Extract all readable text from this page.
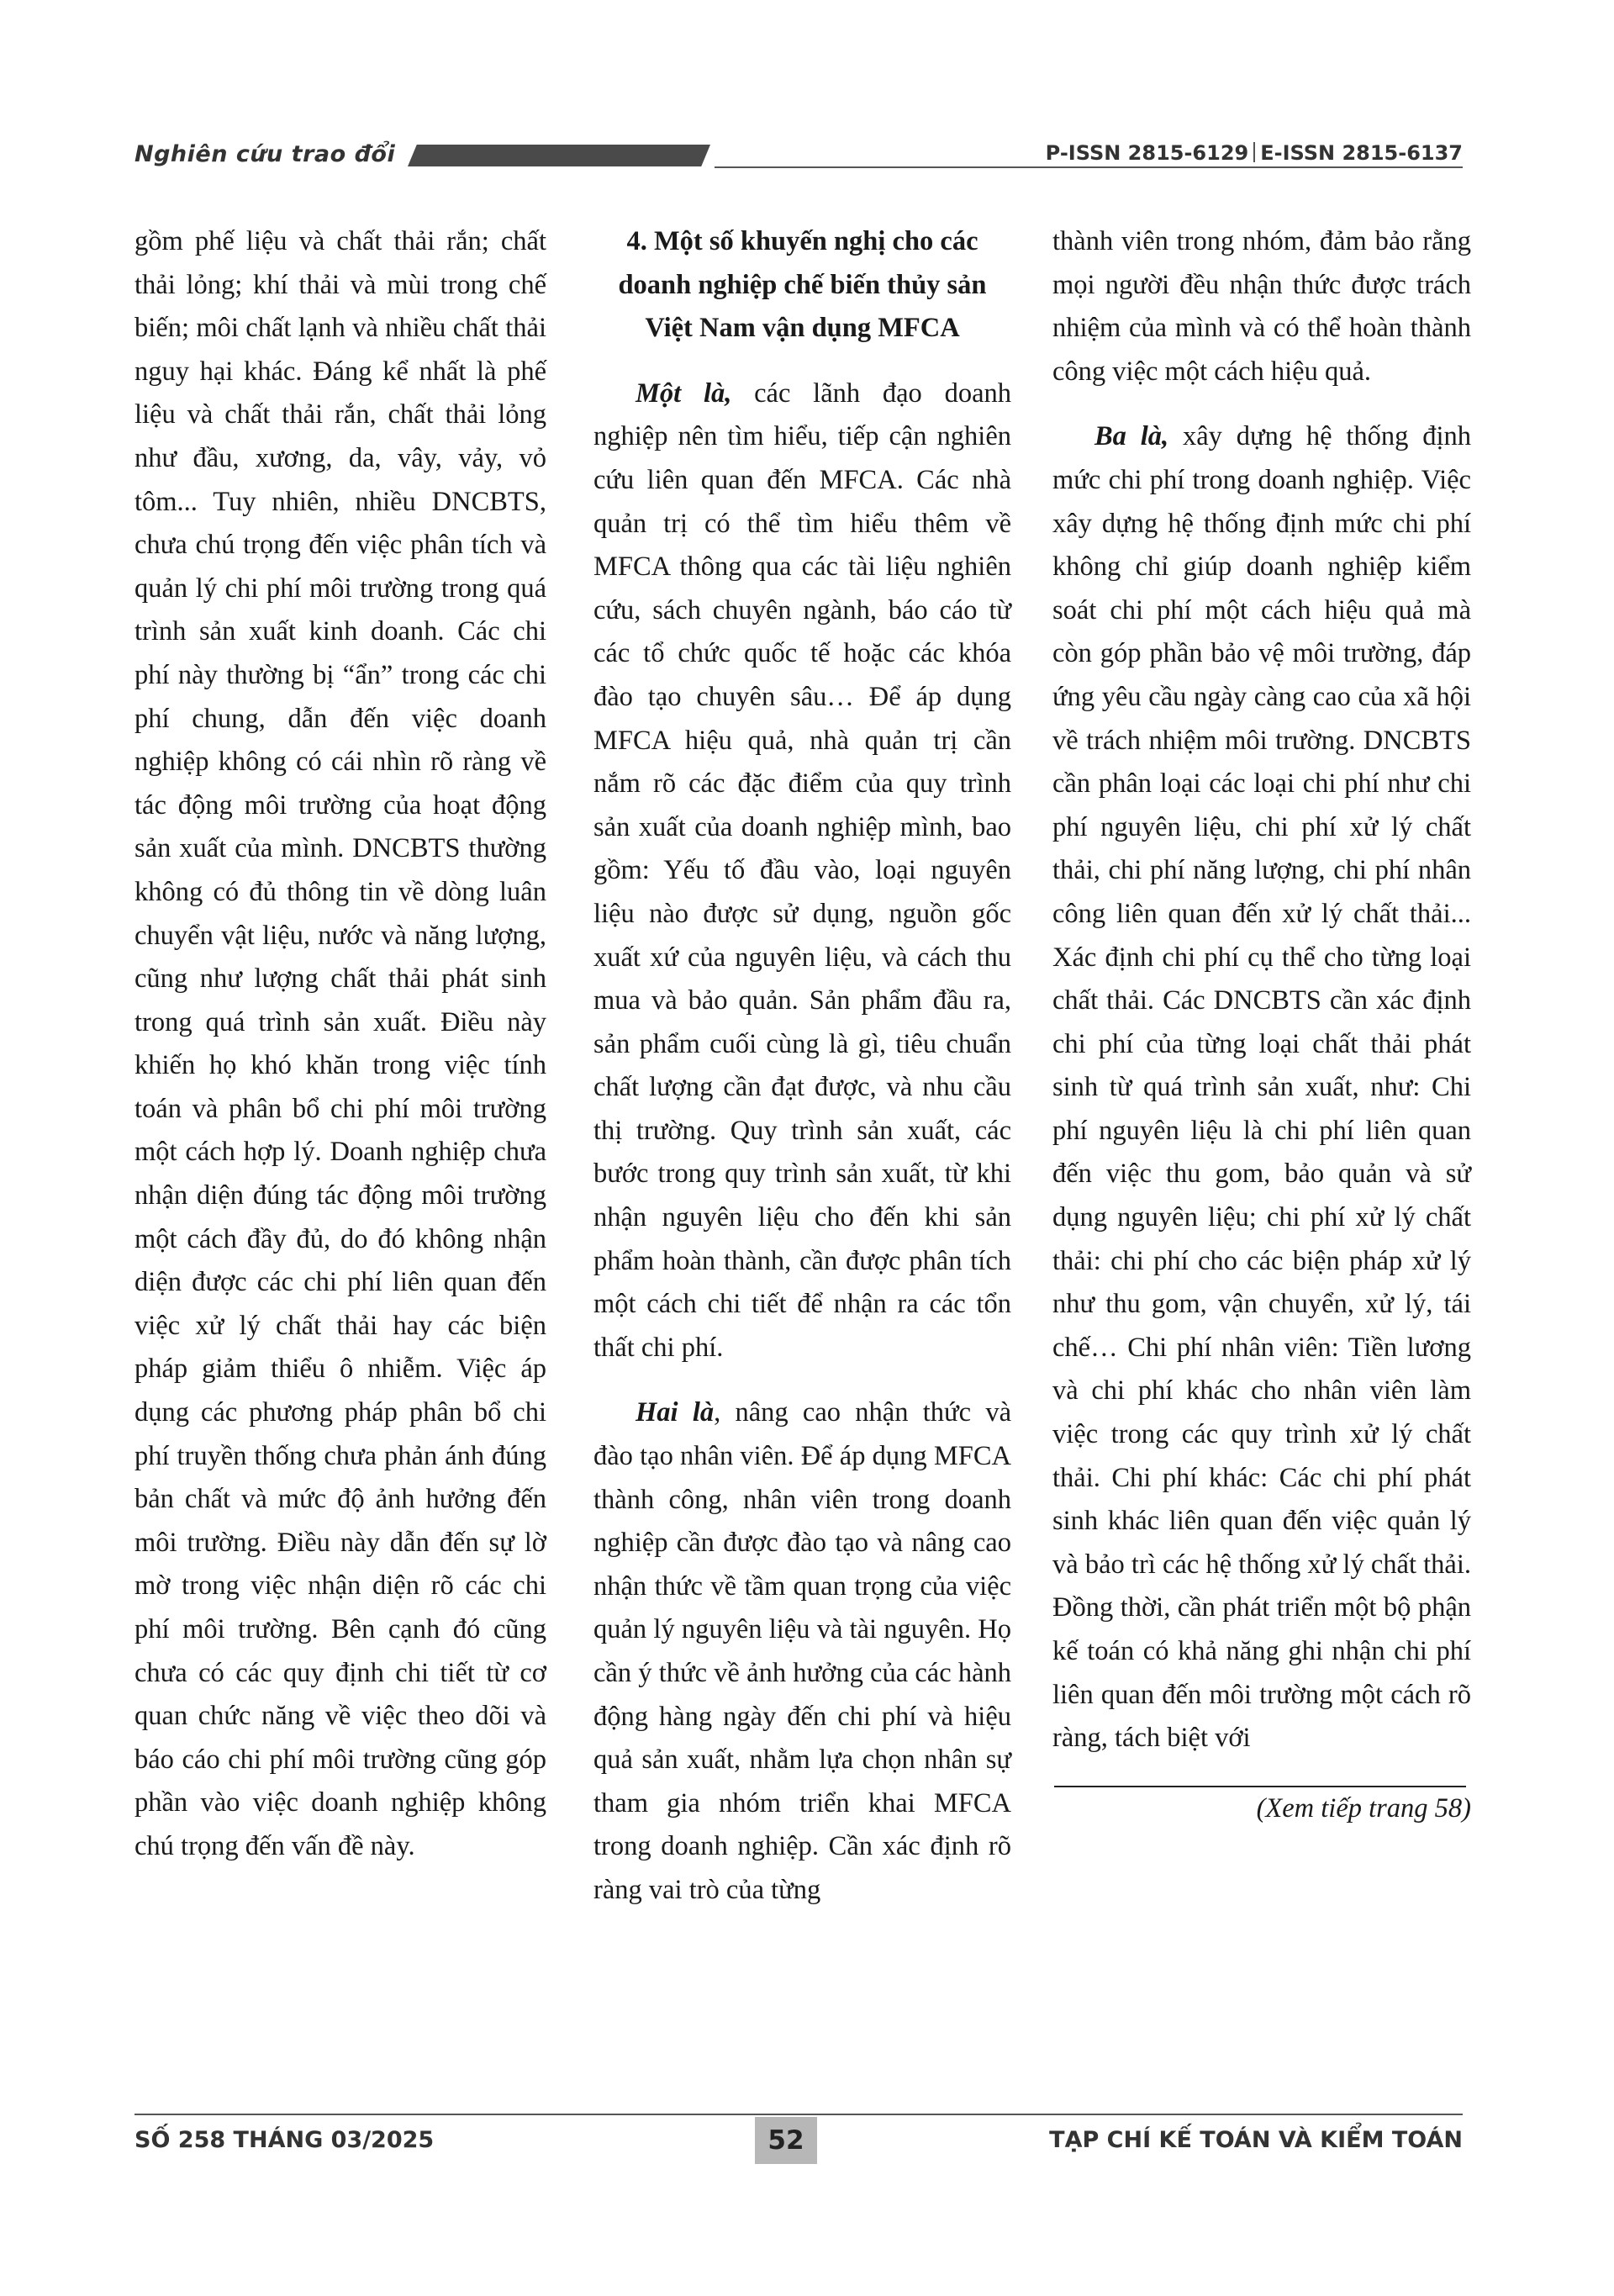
Nghiên cứu trao đổi	P-ISSN 2815-6129 E-ISSN 2815-6137

gồm phế liệu và chất thải rắn; chất thải lỏng; khí thải và mùi trong chế biến; môi chất lạnh và nhiều chất thải nguy hại khác. Đáng kể nhất là phế liệu và chất thải rắn, chất thải lỏng như đầu, xương, da, vây, vảy, vỏ tôm... Tuy nhiên, nhiều DNCBTS, chưa chú trọng đến việc phân tích và quản lý chi phí môi trường trong quá trình sản xuất kinh doanh. Các chi phí này thường bị “ẩn” trong các chi phí chung, dẫn đến việc doanh nghiệp không có cái nhìn rõ ràng về tác động môi trường của hoạt động sản xuất của mình. DNCBTS thường không có đủ thông tin về dòng luân chuyển vật liệu, nước và năng lượng, cũng như lượng chất thải phát sinh trong quá trình sản xuất. Điều này khiến họ khó khăn trong việc tính toán và phân bổ chi phí môi trường một cách hợp lý. Doanh nghiệp chưa nhận diện đúng tác động môi trường một cách đầy đủ, do đó không nhận diện được các chi phí liên quan đến việc xử lý chất thải hay các biện pháp giảm thiểu ô nhiễm. Việc áp dụng các phương pháp phân bổ chi phí truyền thống chưa phản ánh đúng bản chất và mức độ ảnh hưởng đến môi trường. Điều này dẫn đến sự lờ mờ trong việc nhận diện rõ các chi phí môi trường. Bên cạnh đó cũng chưa có các quy định chi tiết từ cơ quan chức năng về việc theo dõi và báo cáo chi phí môi trường cũng góp phần vào việc doanh nghiệp không chú trọng đến vấn đề này.

4. Một số khuyến nghị cho các doanh nghiệp chế biến thủy sản Việt Nam vận dụng MFCA

Một là, các lãnh đạo doanh nghiệp nên tìm hiểu, tiếp cận nghiên cứu liên quan đến MFCA. Các nhà quản trị có thể tìm hiểu thêm về MFCA thông qua các tài liệu nghiên cứu, sách chuyên ngành, báo cáo từ các tổ chức quốc tế hoặc các khóa đào tạo chuyên sâu… Để áp dụng MFCA hiệu quả, nhà quản trị cần nắm rõ các đặc điểm của quy trình sản xuất của doanh nghiệp mình, bao gồm: Yếu tố đầu vào, loại nguyên liệu nào được sử dụng, nguồn gốc xuất xứ của nguyên liệu, và cách thu mua và bảo quản. Sản phẩm đầu ra, sản phẩm cuối cùng là gì, tiêu chuẩn chất lượng cần đạt được, và nhu cầu thị trường. Quy trình sản xuất, các bước trong quy trình sản xuất, từ khi nhận nguyên liệu cho đến khi sản phẩm hoàn thành, cần được phân tích một cách chi tiết để nhận ra các tổn thất chi phí.

Hai là, nâng cao nhận thức và đào tạo nhân viên. Để áp dụng MFCA thành công, nhân viên trong doanh nghiệp cần được đào tạo và nâng cao nhận thức về tầm quan trọng của việc quản lý nguyên liệu và tài nguyên. Họ cần ý thức về ảnh hưởng của các hành động hàng ngày đến chi phí và hiệu quả sản xuất, nhằm lựa chọn nhân sự tham gia nhóm triển khai MFCA trong doanh nghiệp. Cần xác định rõ ràng vai trò của từng

thành viên trong nhóm, đảm bảo rằng mọi người đều nhận thức được trách nhiệm của mình và có thể hoàn thành công việc một cách hiệu quả.

Ba là, xây dựng hệ thống định mức chi phí trong doanh nghiệp. Việc xây dựng hệ thống định mức chi phí không chỉ giúp doanh nghiệp kiểm soát chi phí một cách hiệu quả mà còn góp phần bảo vệ môi trường, đáp ứng yêu cầu ngày càng cao của xã hội về trách nhiệm môi trường. DNCBTS cần phân loại các loại chi phí như chi phí nguyên liệu, chi phí xử lý chất thải, chi phí năng lượng, chi phí nhân công liên quan đến xử lý chất thải... Xác định chi phí cụ thể cho từng loại chất thải. Các DNCBTS cần xác định chi phí của từng loại chất thải phát sinh từ quá trình sản xuất, như: Chi phí nguyên liệu là chi phí liên quan đến việc thu gom, bảo quản và sử dụng nguyên liệu; chi phí xử lý chất thải: chi phí cho các biện pháp xử lý như thu gom, vận chuyển, xử lý, tái chế… Chi phí nhân viên: Tiền lương và chi phí khác cho nhân viên làm việc trong các quy trình xử lý chất thải. Chi phí khác: Các chi phí phát sinh khác liên quan đến việc quản lý và bảo trì các hệ thống xử lý chất thải. Đồng thời, cần phát triển một bộ phận kế toán có khả năng ghi nhận chi phí liên quan đến môi trường một cách rõ ràng, tách biệt với

(Xem tiếp trang 58)

SỐ 258 THÁNG 03/2025	52	TẠP CHÍ KẾ TOÁN VÀ KIỂM TOÁN
